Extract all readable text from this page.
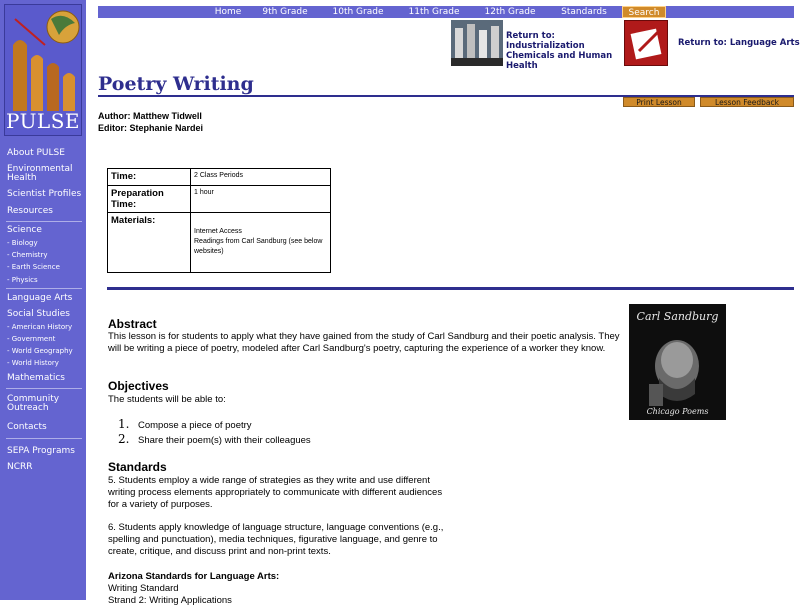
PULSE
About PULSE
Environmental Health
Scientist Profiles
Resources
Science
- Biology
- Chemistry
- Earth Science
- Physics
Language Arts
Social Studies
- American History
- Government
- World Geography
- World History
Mathematics
Community Outreach
Contacts
SEPA Programs
NCRR
Home	9th Grade	10th Grade	11th Grade	12th Grade	Standards	Search
Return to: Industrialization Chemicals and Human Health
Return to: Language Arts
Poetry Writing
Print Lesson	Lesson Feedback
Author: Matthew Tidwell
Editor: Stephanie Nardei
Time:	2 Class Periods
Preparation Time:	1 hour
Materials:	Internet Access
Readings from Carl Sandburg (see below websites)
Abstract
This lesson is for students to apply what they have gained from the study of Carl Sandburg and their poetic analysis. They will be writing a piece of poetry, modeled after Carl Sandburg's poetry, capturing the experience of a worker they know.
Objectives
The students will be able to:
1. Compose a piece of poetry
2. Share their poem(s) with their colleagues
Standards
5. Students employ a wide range of strategies as they write and use different writing process elements appropriately to communicate with different audiences for a variety of purposes.
6. Students apply knowledge of language structure, language conventions (e.g., spelling and punctuation), media techniques, figurative language, and genre to create, critique, and discuss print and non-print texts.
Arizona Standards for Language Arts:
Writing Standard
Strand 2: Writing Applications
Carl Sandburg
Chicago Poems
